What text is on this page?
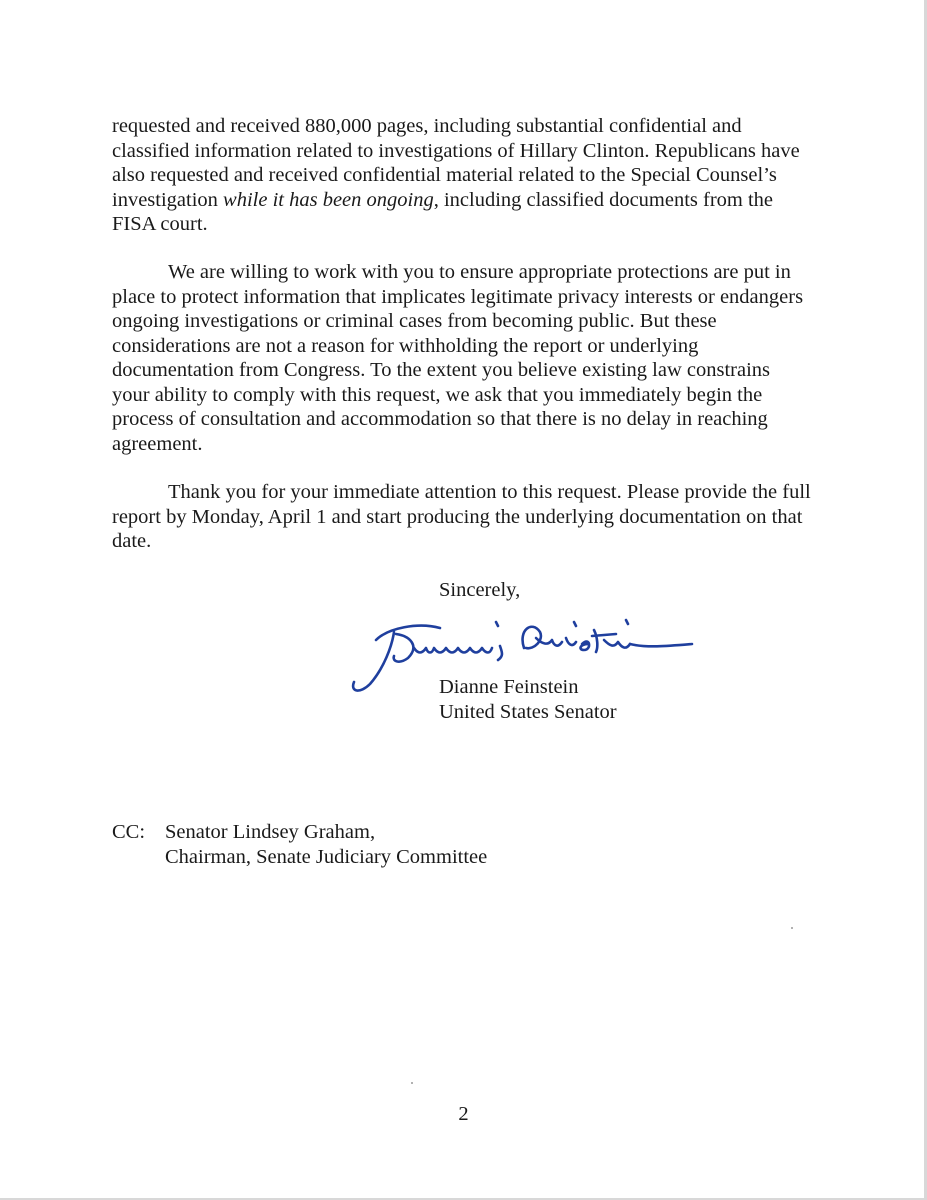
requested and received 880,000 pages, including substantial confidential and classified information related to investigations of Hillary Clinton. Republicans have also requested and received confidential material related to the Special Counsel’s investigation while it has been ongoing, including classified documents from the FISA court.

We are willing to work with you to ensure appropriate protections are put in place to protect information that implicates legitimate privacy interests or endangers ongoing investigations or criminal cases from becoming public. But these considerations are not a reason for withholding the report or underlying documentation from Congress. To the extent you believe existing law constrains your ability to comply with this request, we ask that you immediately begin the process of consultation and accommodation so that there is no delay in reaching agreement.

Thank you for your immediate attention to this request. Please provide the full report by Monday, April 1 and start producing the underlying documentation on that date.

Sincerely,
Dianne Feinstein
United States Senator
CC: Senator Lindsey Graham,
Chairman, Senate Judiciary Committee
2
